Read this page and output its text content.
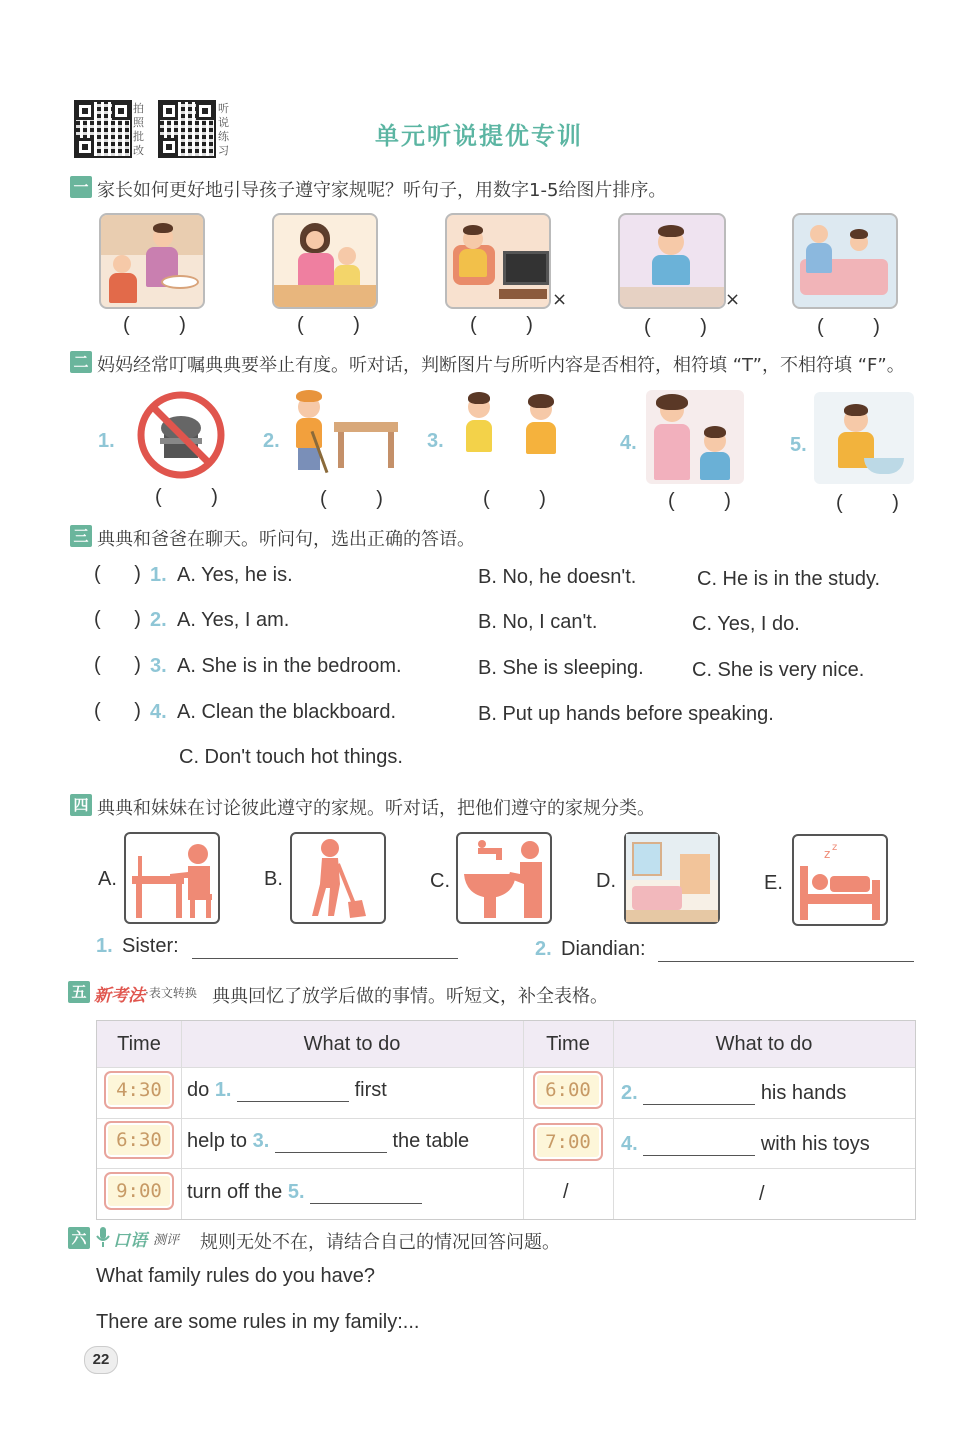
拍照批改
听说练习
单元听说提优专训
一 家长如何更好地引导孩子遵守家规呢？听句子，用数字1-5给图片排序。
×	×
( )	( )	( )	( )	( )
二 妈妈经常叮嘱典典要举止有度。听对话，判断图片与所听内容是否相符，相符填 “T”，不相符填 “F”。
1.	2.	3.	4.	5.
( )	( )	( )	( )	( )
三 典典和爸爸在聊天。听问句，选出正确的答语。
( )
1. A. Yes, he is.	B. No, he doesn't.	C. He is in the study.
( )
2. A. Yes, I am.	B. No, I can't.	C. Yes, I do.
( )
3. A. She is in the bedroom.	B. She is sleeping. C. She is very nice.
( )
4. A. Clean the blackboard.	B. Put up hands before speaking.
C. Don't touch hot things.
四 典典和妹妹在讨论彼此遵守的家规。听对话，把他们遵守的家规分类。
A.	B.	C.	D.	E.
z z
1. Sister:	2. Diandian:
五 新考法 ·表文转换 典典回忆了放学后做的事情。听短文，补全表格。
Time	What to do	Time	What to do
4:30	do 1.	first	6:00	2.	his hands
6:30	help to 3.	the table	7:00	4.	with his toys
9:00	turn off the 5.	/	/
六 口语 测评 规则无处不在，请结合自己的情况回答问题。
What family rules do you have?
There are some rules in my family:...
22
